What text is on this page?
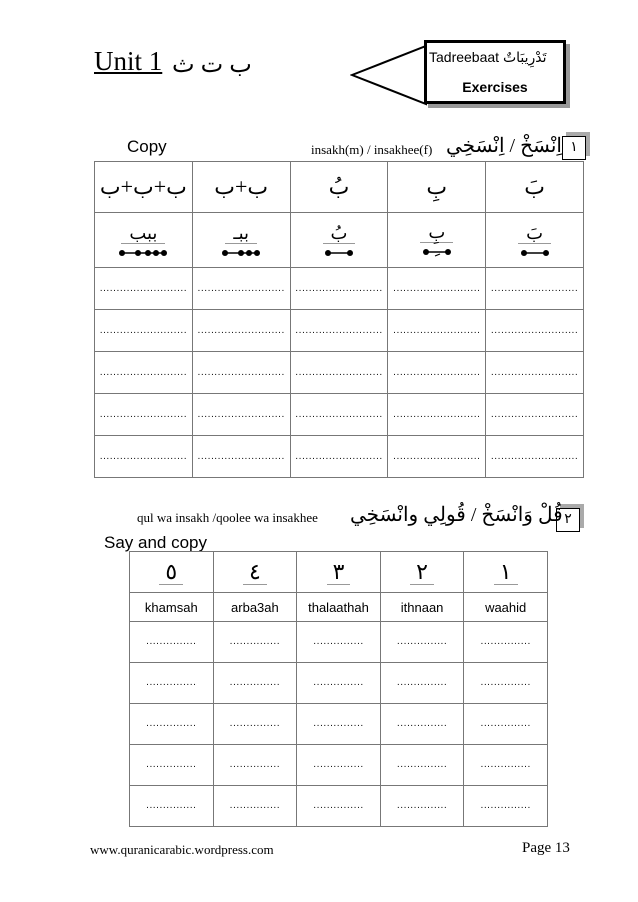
Unit 1 ب ت ث	Tadreebaat تَدْرِيبَاتٌ
Exercises
١
Copy	insakh(m) / insakhee(f) اِنْسَخْ / اِنْسَخِي
ب+ب+ب	ب+ب	بُ	بِ	بَ
ببب	ببـ	بُ	بِ	بَ

..........................	..........................	..........................	..........................	..........................
..........................	..........................	..........................	..........................	..........................
..........................	..........................	..........................	..........................	..........................
..........................	..........................	..........................	..........................	..........................
..........................	..........................	..........................	..........................	..........................
٢
qul wa insakh /qoolee wa insakhee قُلْ وَانْسَخْ / قُولِي وانْسَخِي
Say and copy
٥	٤	٣	٢	١
khamsah	arba3ah	thalaathah	ithnaan	waahid
...............	...............	...............	...............	...............
...............	...............	...............	...............	...............
...............	...............	...............	...............	...............
...............	...............	...............	...............	...............
...............	...............	...............	...............	...............
www.quranicarabic.wordpress.com	Page 13
